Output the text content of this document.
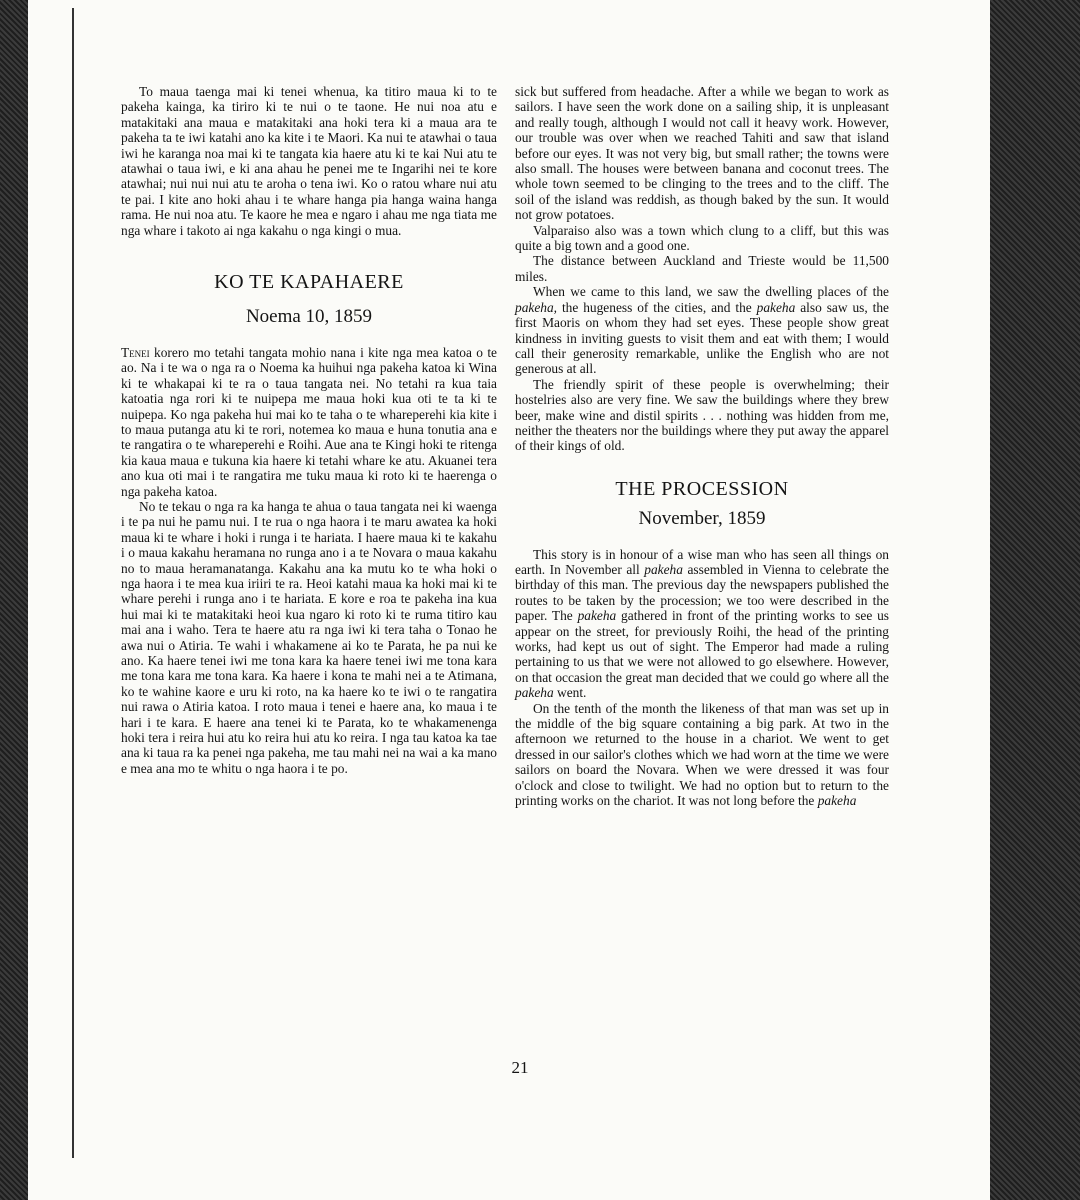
To maua taenga mai ki tenei whenua, ka titiro maua ki to te pakeha kainga, ka tiriro ki te nui o te taone. He nui noa atu e matakitaki ana maua e matakitaki ana hoki tera ki a maua ara te pakeha ta te iwi katahi ano ka kite i te Maori. Ka nui te atawhai o taua iwi he karanga noa mai ki te tangata kia haere atu ki te kai Nui atu te atawhai o taua iwi, e ki ana ahau he penei me te Ingarihi nei te kore atawhai; nui nui nui atu te aroha o tena iwi. Ko o ratou whare nui atu te pai. I kite ano hoki ahau i te whare hanga pia hanga waina hanga rama. He nui noa atu. Te kaore he mea e ngaro i ahau me nga tiata me nga whare i takoto ai nga kakahu o nga kingi o mua.

KO TE KAPAHAERE
Noema 10, 1859

Tenei korero mo tetahi tangata mohio nana i kite nga mea katoa o te ao. Na i te wa o nga ra o Noema ka huihui nga pakeha katoa ki Wina ki te whakapai ki te ra o taua tangata nei. No tetahi ra kua taia katoatia nga rori ki te nuipepa me maua hoki kua oti te ta ki te nuipepa. Ko nga pakeha hui mai ko te taha o te whareperehi kia kite i to maua putanga atu ki te rori, notemea ko maua e huna tonutia ana e te rangatira o te whareperehi e Roihi. Aue ana te Kingi hoki te ritenga kia kaua maua e tukuna kia haere ki tetahi whare ke atu. Akuanei tera ano kua oti mai i te rangatira me tuku maua ki roto ki te haerenga o nga pakeha katoa.

No te tekau o nga ra ka hanga te ahua o taua tangata nei ki waenga i te pa nui he pamu nui. I te rua o nga haora i te maru awatea ka hoki maua ki te whare i hoki i runga i te hariata. I haere maua ki te kakahu i o maua kakahu heramana no runga ano i a te Novara o maua kakahu no to maua heramanatanga. Kakahu ana ka mutu ko te wha hoki o nga haora i te mea kua iriiri te ra. Heoi katahi maua ka hoki mai ki te whare perehi i runga ano i te hariata. E kore e roa te pakeha ina kua hui mai ki te matakitaki heoi kua ngaro ki roto ki te ruma titiro kau mai ana i waho. Tera te haere atu ra nga iwi ki tera taha o Tonao he awa nui o Atiria. Te wahi i whakamene ai ko te Parata, he pa nui ke ano. Ka haere tenei iwi me tona kara ka haere tenei iwi me tona kara me tona kara me tona kara. Ka haere i kona te mahi nei a te Atimana, ko te wahine kaore e uru ki roto, na ka haere ko te iwi o te rangatira nui rawa o Atiria katoa. I roto maua i tenei e haere ana, ko maua i te hari i te kara. E haere ana tenei ki te Parata, ko te whakamenenga hoki tera i reira hui atu ko reira hui atu ko reira. I nga tau katoa ka tae ana ki taua ra ka penei nga pakeha, me tau mahi nei na wai a ka mano e mea ana mo te whitu o nga haora i te po.

sick but suffered from headache. After a while we began to work as sailors. I have seen the work done on a sailing ship, it is unpleasant and really tough, although I would not call it heavy work. However, our trouble was over when we reached Tahiti and saw that island before our eyes. It was not very big, but small rather; the towns were also small. The houses were between banana and coconut trees. The whole town seemed to be clinging to the trees and to the cliff. The soil of the island was reddish, as though baked by the sun. It would not grow potatoes.

Valparaiso also was a town which clung to a cliff, but this was quite a big town and a good one.

The distance between Auckland and Trieste would be 11,500 miles.

When we came to this land, we saw the dwelling places of the pakeha, the hugeness of the cities, and the pakeha also saw us, the first Maoris on whom they had set eyes. These people show great kindness in inviting guests to visit them and eat with them; I would call their generosity remarkable, unlike the English who are not generous at all.

The friendly spirit of these people is overwhelming; their hostelries also are very fine. We saw the buildings where they brew beer, make wine and distil spirits . . . nothing was hidden from me, neither the theaters nor the buildings where they put away the apparel of their kings of old.

THE PROCESSION
November, 1859

This story is in honour of a wise man who has seen all things on earth. In November all pakeha assembled in Vienna to celebrate the birthday of this man. The previous day the newspapers published the routes to be taken by the procession; we too were described in the paper. The pakeha gathered in front of the printing works to see us appear on the street, for previously Roihi, the head of the printing works, had kept us out of sight. The Emperor had made a ruling pertaining to us that we were not allowed to go elsewhere. However, on that occasion the great man decided that we could go where all the pakeha went.

On the tenth of the month the likeness of that man was set up in the middle of the big square containing a big park. At two in the afternoon we returned to the house in a chariot. We went to get dressed in our sailor's clothes which we had worn at the time we were sailors on board the Novara. When we were dressed it was four o'clock and close to twilight. We had no option but to return to the printing works on the chariot. It was not long before the pakeha

21
